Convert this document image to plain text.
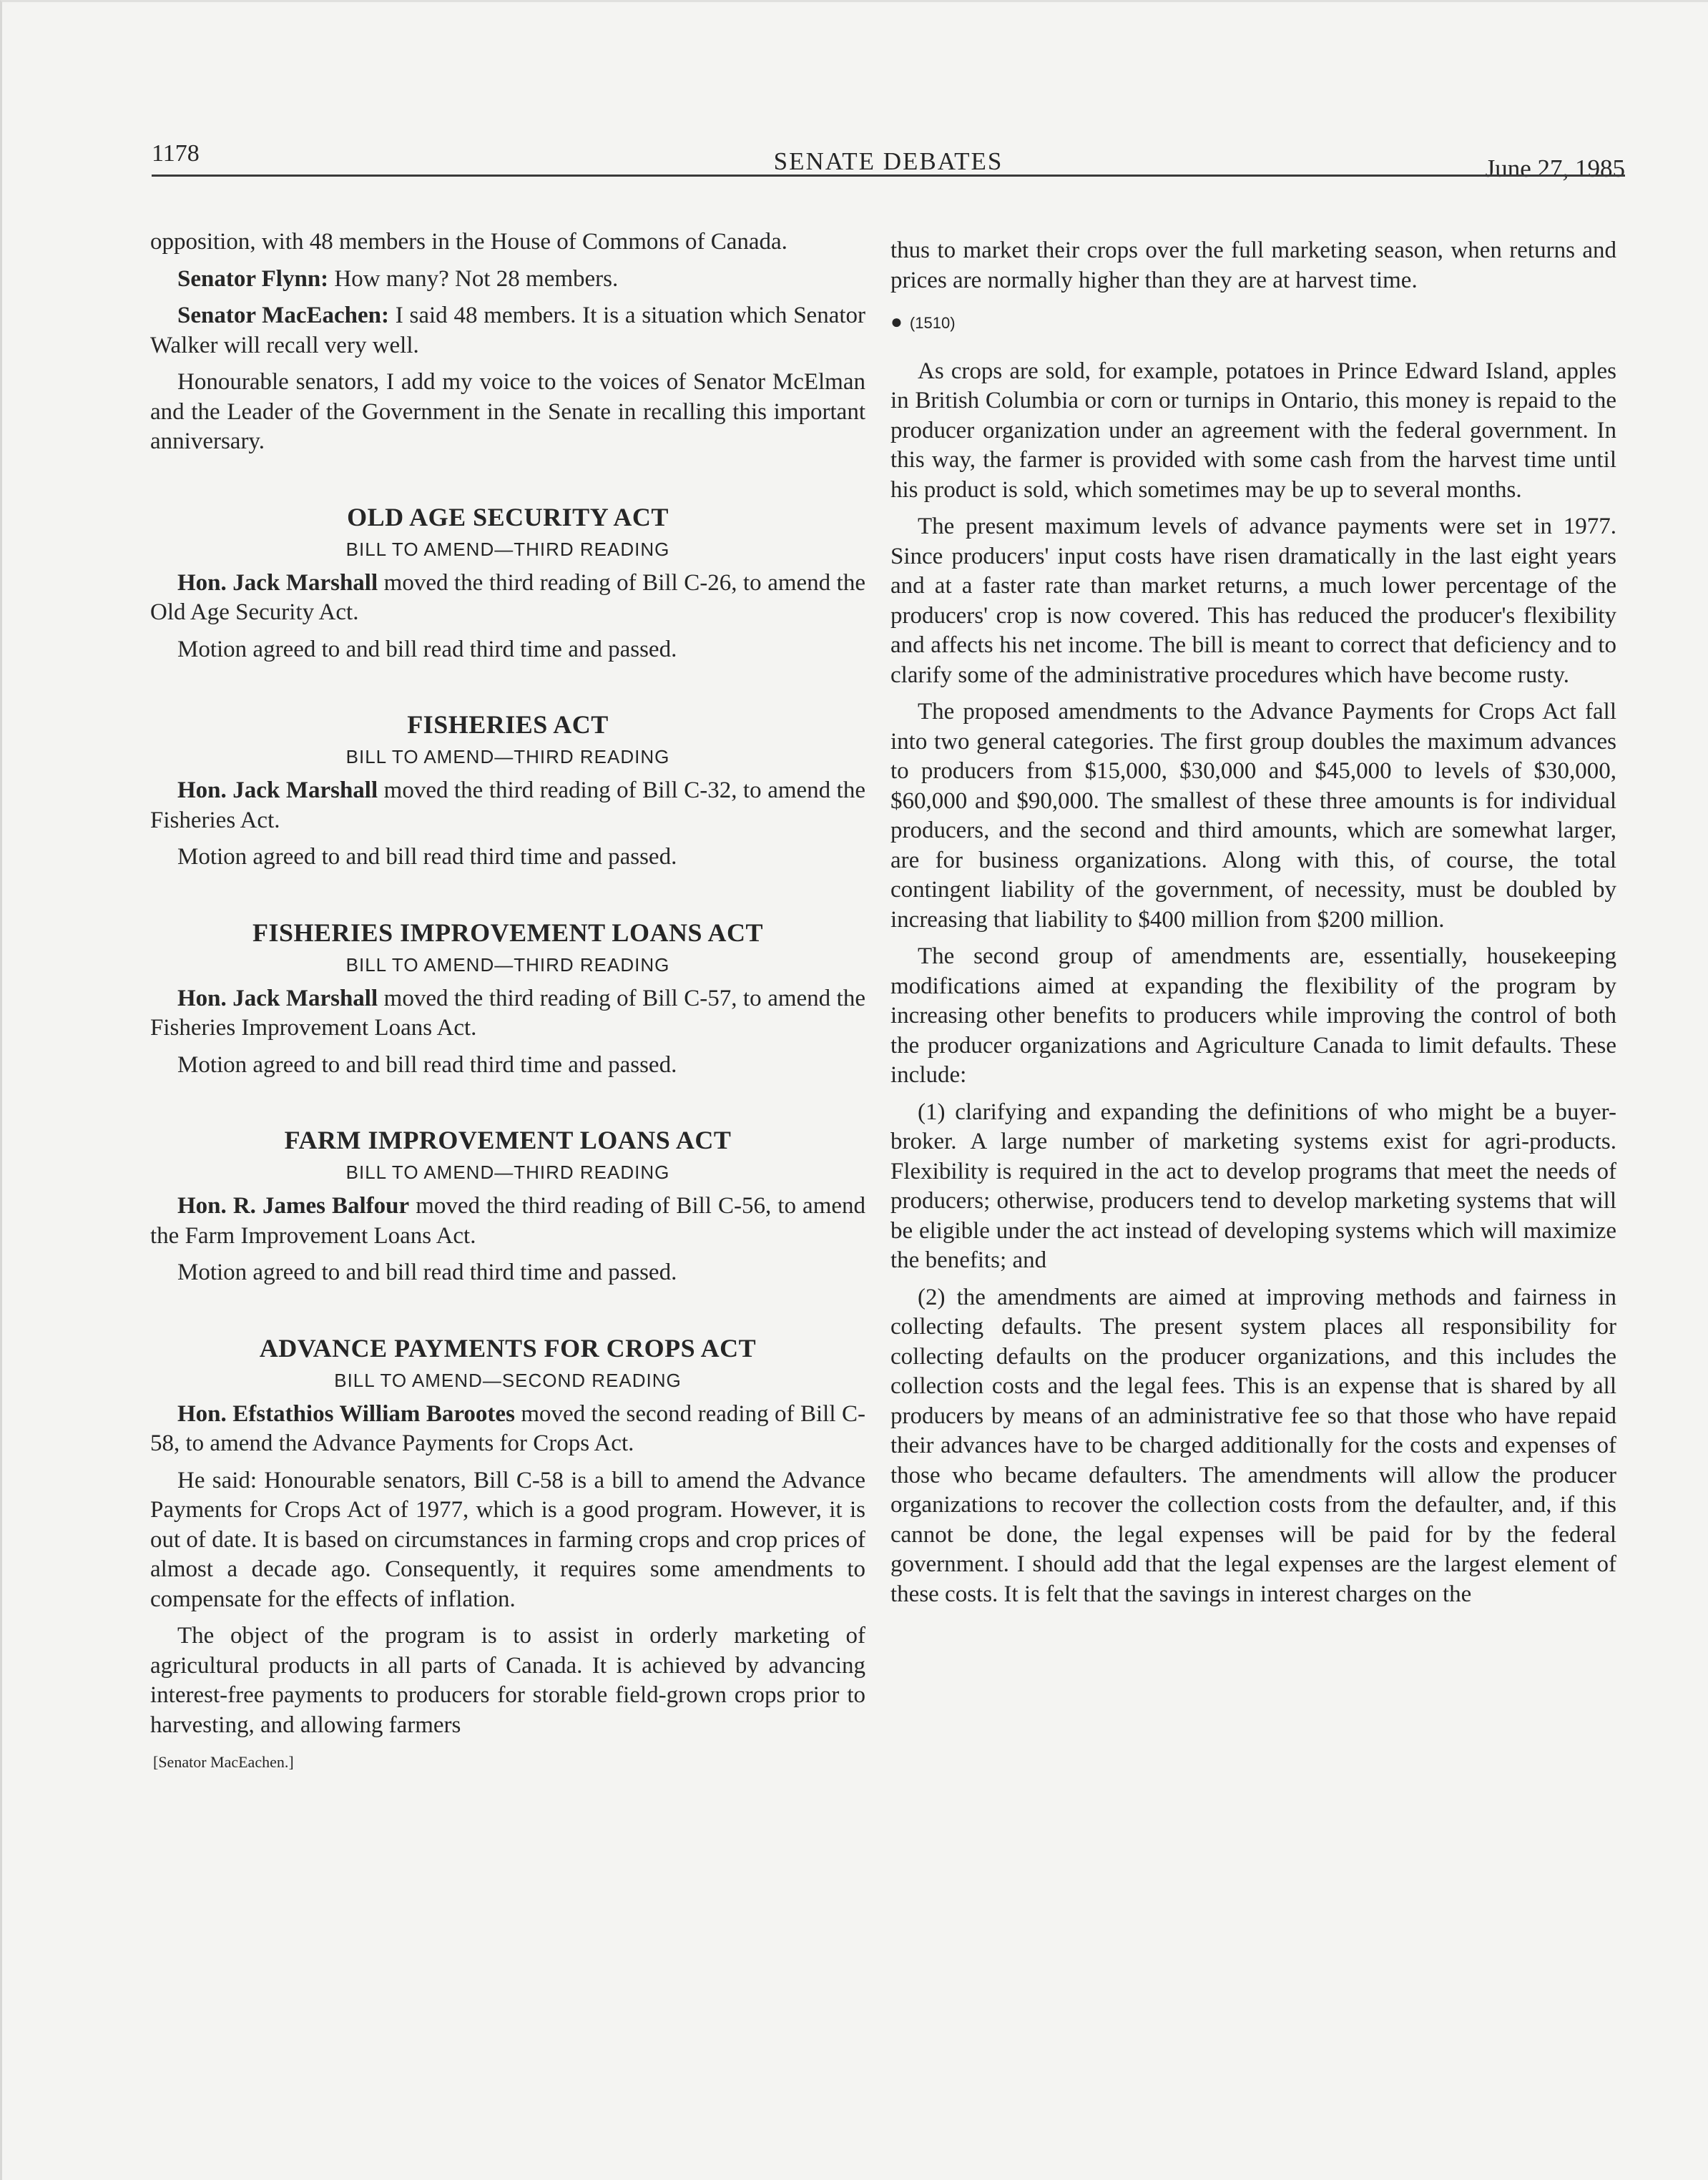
1178	SENATE DEBATES	June 27, 1985

opposition, with 48 members in the House of Commons of Canada.

Senator Flynn: How many? Not 28 members.

Senator MacEachen: I said 48 members. It is a situation which Senator Walker will recall very well.

Honourable senators, I add my voice to the voices of Senator McElman and the Leader of the Government in the Senate in recalling this important anniversary.

OLD AGE SECURITY ACT
BILL TO AMEND—THIRD READING

Hon. Jack Marshall moved the third reading of Bill C-26, to amend the Old Age Security Act.

Motion agreed to and bill read third time and passed.

FISHERIES ACT
BILL TO AMEND—THIRD READING

Hon. Jack Marshall moved the third reading of Bill C-32, to amend the Fisheries Act.

Motion agreed to and bill read third time and passed.

FISHERIES IMPROVEMENT LOANS ACT
BILL TO AMEND—THIRD READING

Hon. Jack Marshall moved the third reading of Bill C-57, to amend the Fisheries Improvement Loans Act.

Motion agreed to and bill read third time and passed.

FARM IMPROVEMENT LOANS ACT
BILL TO AMEND—THIRD READING

Hon. R. James Balfour moved the third reading of Bill C-56, to amend the Farm Improvement Loans Act.

Motion agreed to and bill read third time and passed.

ADVANCE PAYMENTS FOR CROPS ACT
BILL TO AMEND—SECOND READING

Hon. Efstathios William Barootes moved the second reading of Bill C-58, to amend the Advance Payments for Crops Act.

He said: Honourable senators, Bill C-58 is a bill to amend the Advance Payments for Crops Act of 1977, which is a good program. However, it is out of date. It is based on circumstances in farming crops and crop prices of almost a decade ago. Consequently, it requires some amendments to compensate for the effects of inflation.

The object of the program is to assist in orderly marketing of agricultural products in all parts of Canada. It is achieved by advancing interest-free payments to producers for storable field-grown crops prior to harvesting, and allowing farmers

[Senator MacEachen.]

thus to market their crops over the full marketing season, when returns and prices are normally higher than they are at harvest time.

● (1510)

As crops are sold, for example, potatoes in Prince Edward Island, apples in British Columbia or corn or turnips in Ontario, this money is repaid to the producer organization under an agreement with the federal government. In this way, the farmer is provided with some cash from the harvest time until his product is sold, which sometimes may be up to several months.

The present maximum levels of advance payments were set in 1977. Since producers' input costs have risen dramatically in the last eight years and at a faster rate than market returns, a much lower percentage of the producers' crop is now covered. This has reduced the producer's flexibility and affects his net income. The bill is meant to correct that deficiency and to clarify some of the administrative procedures which have become rusty.

The proposed amendments to the Advance Payments for Crops Act fall into two general categories. The first group doubles the maximum advances to producers from $15,000, $30,000 and $45,000 to levels of $30,000, $60,000 and $90,000. The smallest of these three amounts is for individual producers, and the second and third amounts, which are somewhat larger, are for business organizations. Along with this, of course, the total contingent liability of the government, of necessity, must be doubled by increasing that liability to $400 million from $200 million.

The second group of amendments are, essentially, housekeeping modifications aimed at expanding the flexibility of the program by increasing other benefits to producers while improving the control of both the producer organizations and Agriculture Canada to limit defaults. These include:

(1) clarifying and expanding the definitions of who might be a buyer-broker. A large number of marketing systems exist for agri-products. Flexibility is required in the act to develop programs that meet the needs of producers; otherwise, producers tend to develop marketing systems that will be eligible under the act instead of developing systems which will maximize the benefits; and

(2) the amendments are aimed at improving methods and fairness in collecting defaults. The present system places all responsibility for collecting defaults on the producer organizations, and this includes the collection costs and the legal fees. This is an expense that is shared by all producers by means of an administrative fee so that those who have repaid their advances have to be charged additionally for the costs and expenses of those who became defaulters. The amendments will allow the producer organizations to recover the collection costs from the defaulter, and, if this cannot be done, the legal expenses will be paid for by the federal government. I should add that the legal expenses are the largest element of these costs. It is felt that the savings in interest charges on the
